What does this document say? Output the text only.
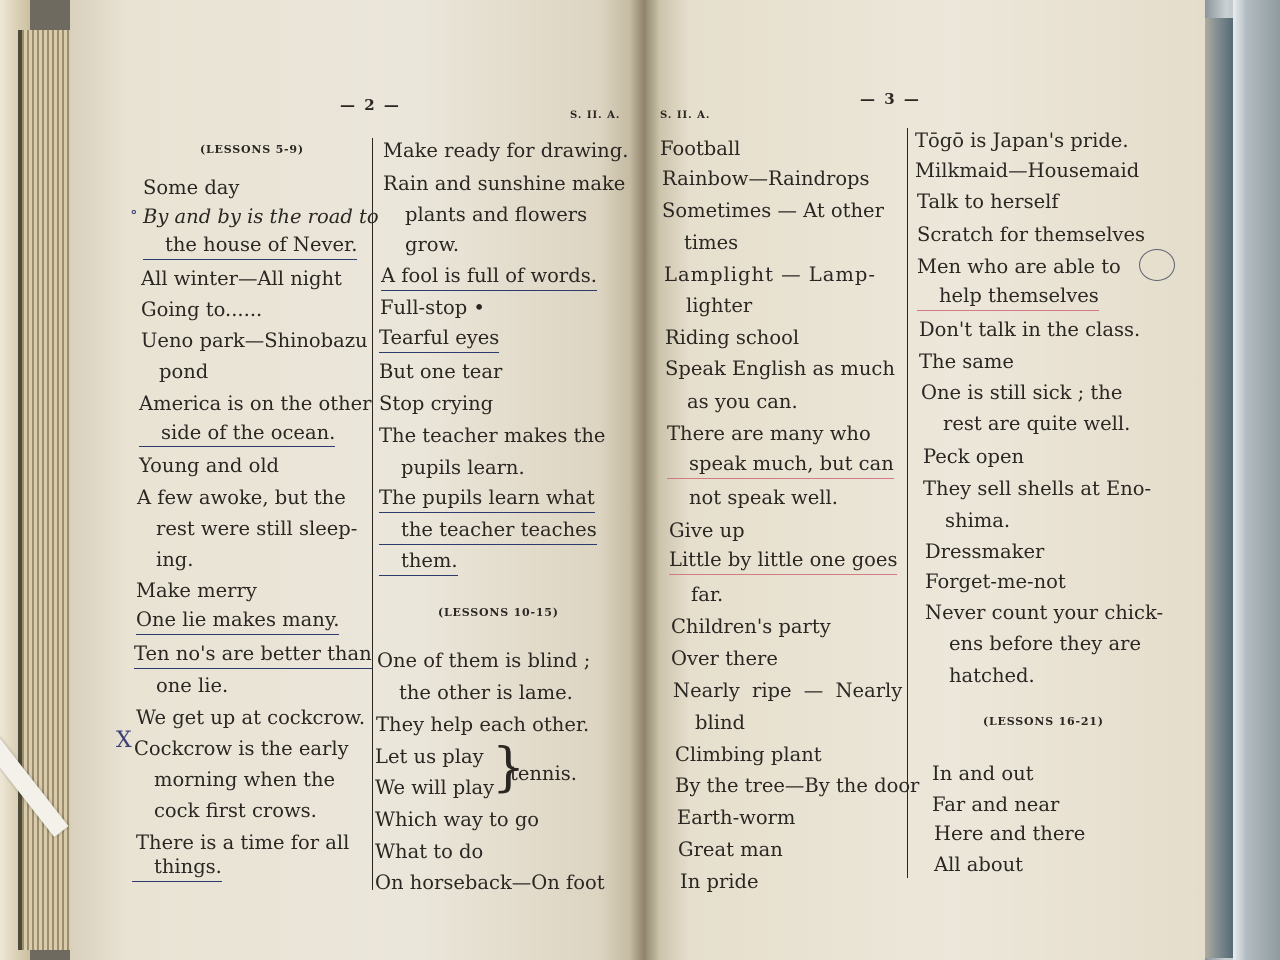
— 2 —
S. II. A.
(LESSONS 5-9)
Some day
∘ By and by is the road to
the house of Never.
All winter—All night
Going to......
Ueno park—Shinobazu
pond
America is on the other
side of the ocean.
Young and old
A few awoke, but the
rest were still sleep-
ing.
Make merry
One lie makes many.
Ten no's are better than
one lie.
We get up at cockcrow.
X Cockcrow is the early
morning when the
cock first crows.
There is a time for all
things.
Make ready for drawing.
Rain and sunshine make
plants and flowers
grow.
A fool is full of words.
Full-stop •
Tearful eyes
But one tear
Stop crying
The teacher makes the
pupils learn.
The pupils learn what
the teacher teaches
them.
(LESSONS 10-15)
One of them is blind ;
the other is lame.
They help each other.
Let us play
We will play
}
tennis.
Which way to go
What to do
On horseback—On foot
S. II. A.
— 3 —
Football
Rainbow—Raindrops
Sometimes — At other
times
Lamplight — Lamp-
lighter
Riding school
Speak English as much
as you can.
There are many who
speak much, but can
not speak well.
Give up
Little by little one goes
far.
Children's party
Over there
Nearly ripe — Nearly
blind
Climbing plant
By the tree—By the door
Earth-worm
Great man
In pride
Tōgō is Japan's pride.
Milkmaid—Housemaid
Talk to herself
Scratch for themselves
Men who are able to
help themselves
Don't talk in the class.
The same
One is still sick ; the
rest are quite well.
Peck open
They sell shells at Eno-
shima.
Dressmaker
Forget-me-not
Never count your chick-
ens before they are
hatched.
(LESSONS 16-21)
In and out
Far and near
Here and there
All about
